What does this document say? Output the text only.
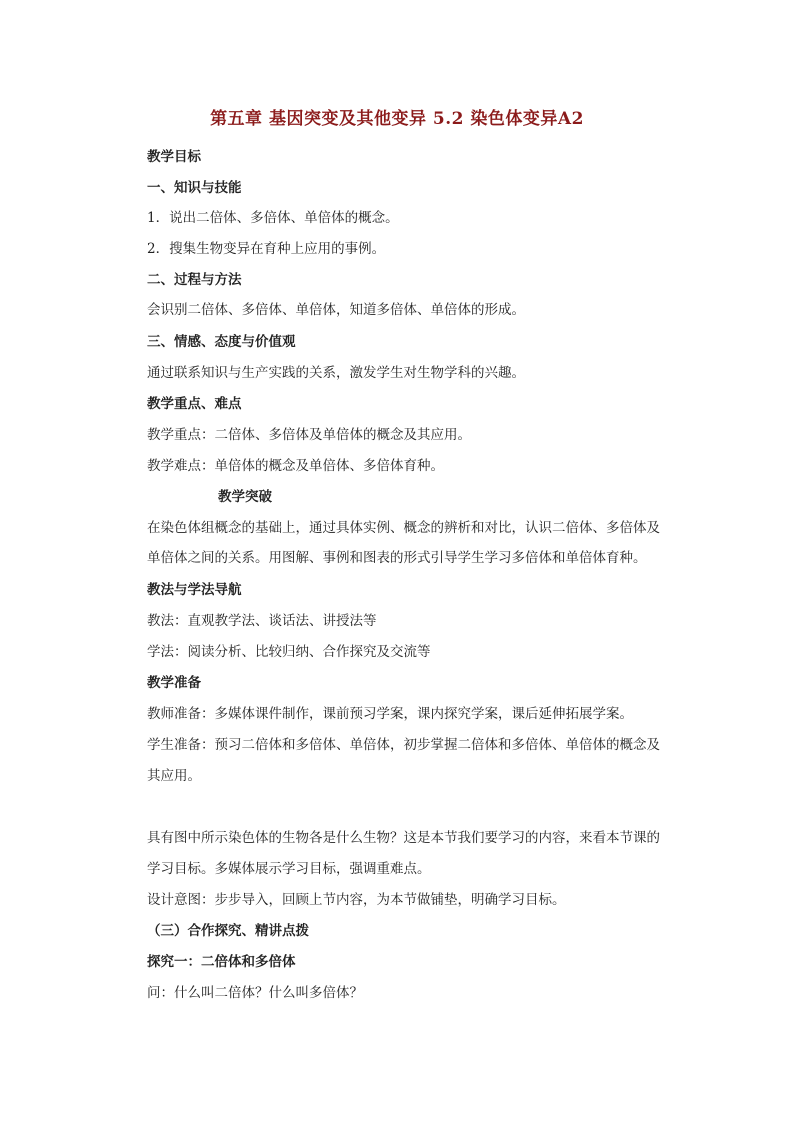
第五章 基因突变及其他变异 5.2 染色体变异A2
教学目标
一、知识与技能
1．说出二倍体、多倍体、单倍体的概念。
2．搜集生物变异在育种上应用的事例。
二、过程与方法
会识别二倍体、多倍体、单倍体，知道多倍体、单倍体的形成。
三、情感、态度与价值观
通过联系知识与生产实践的关系，激发学生对生物学科的兴趣。
教学重点、难点
教学重点：二倍体、多倍体及单倍体的概念及其应用。
教学难点：单倍体的概念及单倍体、多倍体育种。
教学突破
在染色体组概念的基础上，通过具体实例、概念的辨析和对比，认识二倍体、多倍体及
单倍体之间的关系。用图解、事例和图表的形式引导学生学习多倍体和单倍体育种。
教法与学法导航
教法：直观教学法、谈话法、讲授法等
学法：阅读分析、比较归纳、合作探究及交流等
教学准备
教师准备：多媒体课件制作，课前预习学案，课内探究学案，课后延伸拓展学案。
学生准备：预习二倍体和多倍体、单倍体，初步掌握二倍体和多倍体、单倍体的概念及
其应用。
具有图中所示染色体的生物各是什么生物？这是本节我们要学习的内容，来看本节课的
学习目标。多媒体展示学习目标，强调重难点。
设计意图：步步导入，回顾上节内容，为本节做铺垫，明确学习目标。
（三）合作探究、精讲点拨
探究一：二倍体和多倍体
问：什么叫二倍体？什么叫多倍体？
